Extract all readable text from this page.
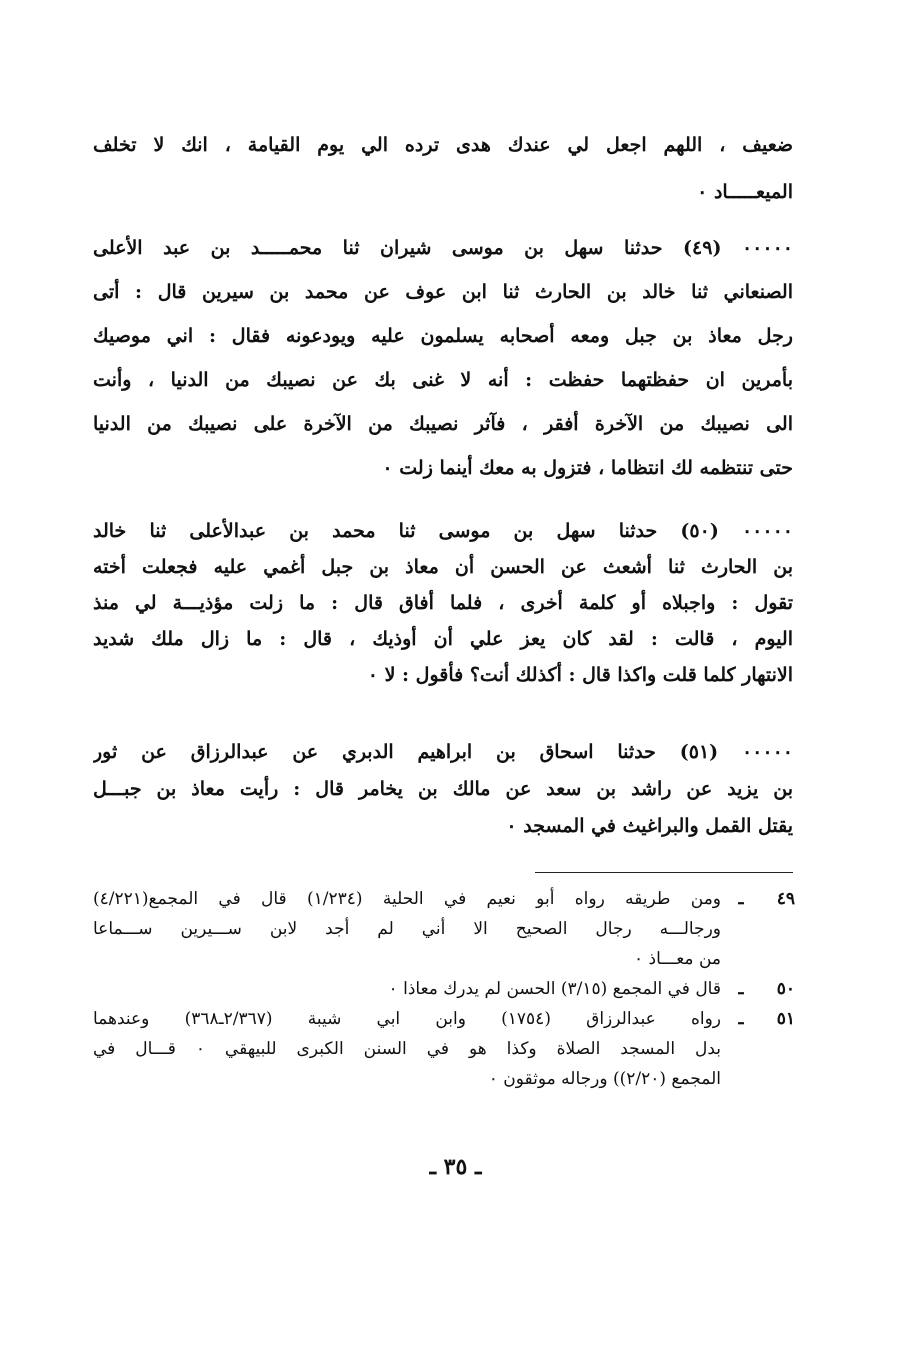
ضعيف ، اللهم اجعل لي عندك هدى ترده الي يوم القيامة ، انك لا تخلف
الميعـــــاد ٠
٠٠٠٠٠ (٤٩) حدثنا سهل بن موسى شيران ثنا محمـــــد بن عبد الأعلى
الصنعاني ثنا خالد بن الحارث ثنا ابن عوف عن محمد بن سيرين قال : أتى
رجل معاذ بن جبل ومعه أصحابه يسلمون عليه ويودعونه فقال : اني موصيك
بأمرين ان حفظتهما حفظت : أنه لا غنى بك عن نصيبك من الدنيا ، وأنت
الى نصيبك من الآخرة أفقر ، فآثر نصيبك من الآخرة على نصيبك من الدنيا
حتى تنتظمه لك انتظاما ، فتزول به معك أينما زلت ٠
٠٠٠٠٠ (٥٠) حدثنا سهل بن موسى ثنا محمد بن عبدالأعلى ثنا خالد
بن الحارث ثنا أشعث عن الحسن أن معاذ بن جبل أغمي عليه فجعلت أخته
تقول : واجبلاه أو كلمة أخرى ، فلما أفاق قال : ما زلت مؤذيـــة لي منذ
اليوم ، قالت : لقد كان يعز علي أن أوذيك ، قال : ما زال ملك شديد
الانتهار كلما قلت واكذا قال : أكذلك أنت؟ فأقول : لا ٠
٠٠٠٠٠ (٥١) حدثنا اسحاق بن ابراهيم الدبري عن عبدالرزاق عن ثور
بن يزيد عن راشد بن سعد عن مالك بن يخامر قال : رأيت معاذ بن جبـــل
يقتل القمل والبراغيث في المسجد ٠
٤٩
ـ
ومن طريقه رواه أبو نعيم في الحلية (١/٢٣٤) قال في المجمع(٤/٢٢١)
ورجالـــه رجال الصحيح الا أني لم أجد لابن ســـيرين ســـماعا
من معـــاذ ٠
٥٠
ـ
قال في المجمع (٣/١٥) الحسن لم يدرك معاذا ٠
٥١
ـ
رواه عبدالرزاق (١٧٥٤) وابن ابي شيبة (٢/٣٦٧ـ٣٦٨) وعندهما
بدل المسجد الصلاة وكذا هو في السنن الكبرى للبيهقي ٠ قـــال في
المجمع (٢/٢٠)) ورجاله موثقون ٠
ـ ٣٥ ـ
